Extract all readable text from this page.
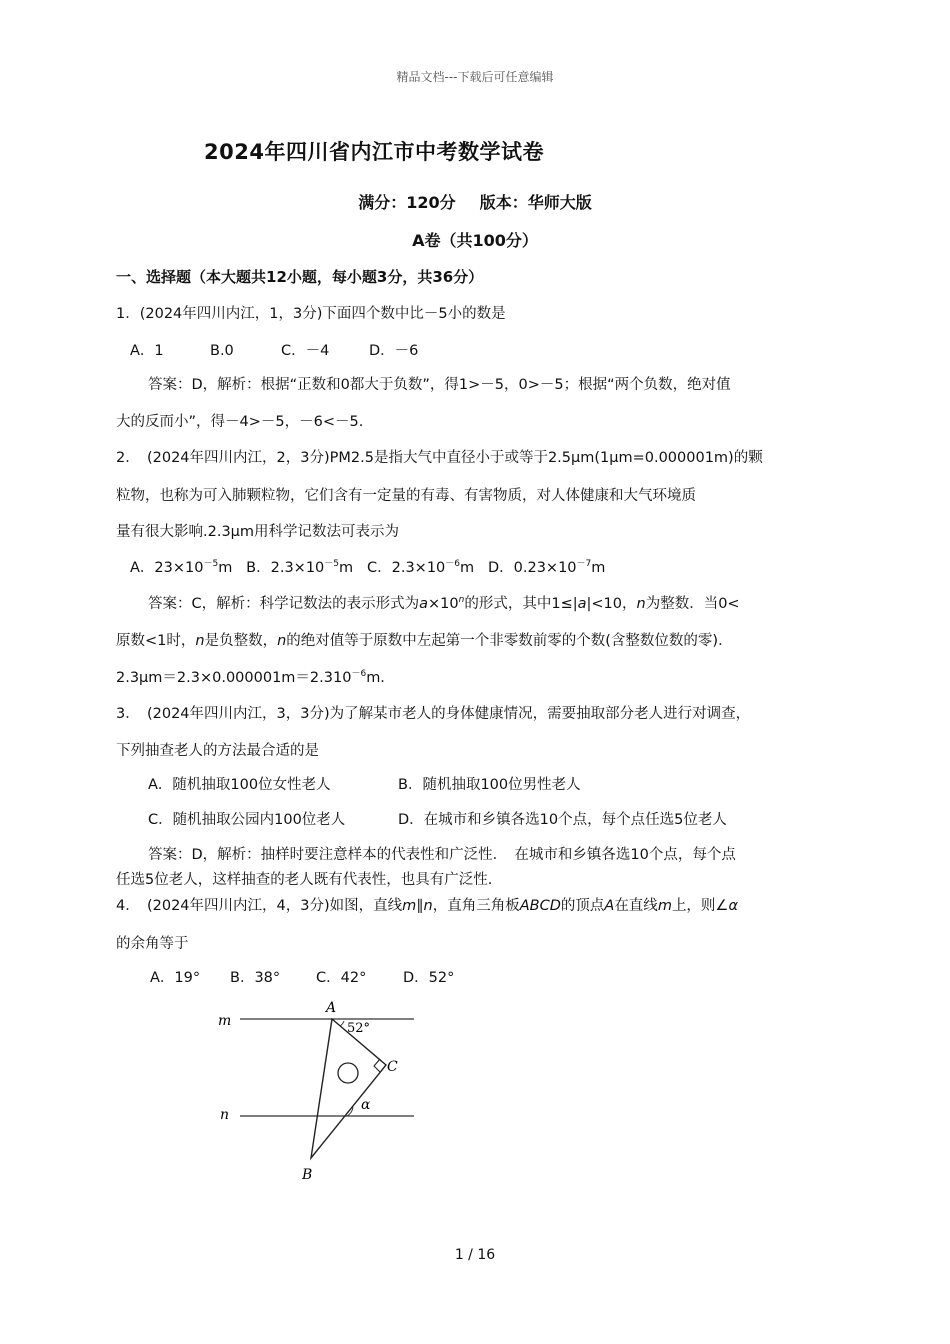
精品文档---下载后可任意编辑
2024年四川省内江市中考数学试卷
满分：120分 版本：华师大版
A卷（共100分）
一、选择题（本大题共12小题，每小题3分，共36分）
1．(2024年四川内江，1，3分)下面四个数中比－5小的数是
A．1	B.0	C．－4	D．－6
答案：D，解析：根据“正数和0都大于负数”，得1>－5，0>－5；根据“两个负数，绝对值
大的反而小”，得－4>－5，－6<－5.
2．　(2024年四川内江，2，3分)PM2.5是指大气中直径小于或等于2.5μm(1μm=0.000001m)的颗
粒物，也称为可入肺颗粒物，它们含有一定量的有毒、有害物质，对人体健康和大气环境质
量有很大影响.2.3μm用科学记数法可表示为
A．$23\times 10^{-5}m$ B．$2.3\times 10^{-5}m$ C．$2.3\times 10^{-6}m$ D．$0.23\times 10^{-7}m$
答案：C，解析：科学记数法的表示形式为$a\times 10^n$的形式，其中1≤|a|<10，n为整数．当0<
原数<1时，n是负整数，n的绝对值等于原数中左起第一个非零数前零的个数(含整数位数的零)．
$2.3\mu m=2.3\times 0.000001m=2.310^{-6}m$.
3．　(2024年四川内江，3，3分)为了解某市老人的身体健康情况，需要抽取部分老人进行对调查，
下列抽查老人的方法最合适的是
A．随机抽取100位女性老人	B．随机抽取100位男性老人
C．随机抽取公园内100位老人	D．在城市和乡镇各选10个点，每个点任选5位老人
答案：D，解析：抽样时要注意样本的代表性和广泛性．　在城市和乡镇各选10个点，每个点
任选5位老人，这样抽查的老人既有代表性，也具有广泛性.
4．　(2024年四川内江，4，3分)如图，直线m∥n，直角三角板ABCD的顶点A在直线m上，则∠α
的余角等于
A．19° B．38° C．42°	D．52°
m
n
A
B
C
52°
α
1 / 16
